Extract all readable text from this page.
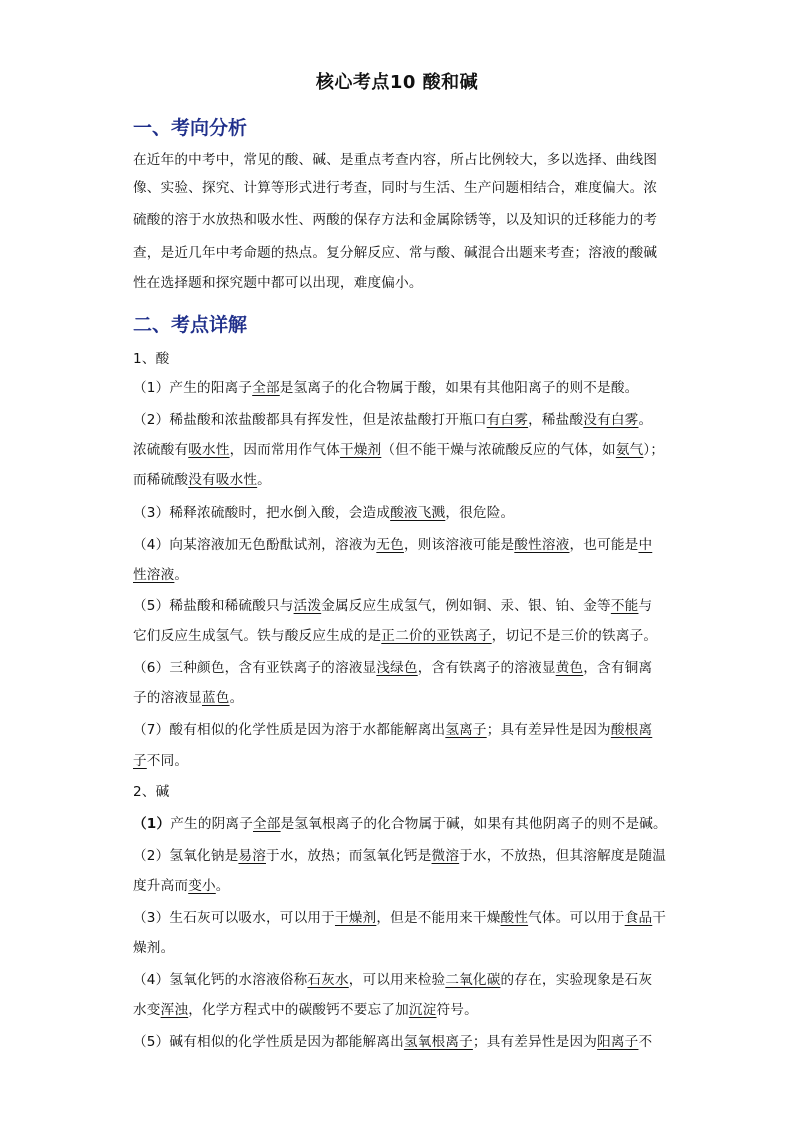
核心考点10 酸和碱
一、考向分析
二、考点详解
在近年的中考中，常见的酸、碱、是重点考查内容，所占比例较大，多以选择、曲线图
像、实验、探究、计算等形式进行考查，同时与生活、生产问题相结合，难度偏大。浓
硫酸的溶于水放热和吸水性、两酸的保存方法和金属除锈等，以及知识的迁移能力的考
查，是近几年中考命题的热点。复分解反应、常与酸、碱混合出题来考查；溶液的酸碱
性在选择题和探究题中都可以出现，难度偏小。
1、酸
（1）产生的阳离子全部是氢离子的化合物属于酸，如果有其他阳离子的则不是酸。
（2）稀盐酸和浓盐酸都具有挥发性，但是浓盐酸打开瓶口有白雾，稀盐酸没有白雾。
浓硫酸有吸水性，因而常用作气体干燥剂（但不能干燥与浓硫酸反应的气体，如氨气）；
而稀硫酸没有吸水性。
（3）稀释浓硫酸时，把水倒入酸，会造成酸液飞溅，很危险。
（4）向某溶液加无色酚酞试剂，溶液为无色，则该溶液可能是酸性溶液，也可能是中
性溶液。
（5）稀盐酸和稀硫酸只与活泼金属反应生成氢气，例如铜、汞、银、铂、金等不能与
它们反应生成氢气。铁与酸反应生成的是正二价的亚铁离子，切记不是三价的铁离子。
（6）三种颜色，含有亚铁离子的溶液显浅绿色，含有铁离子的溶液显黄色，含有铜离
子的溶液显蓝色。
（7）酸有相似的化学性质是因为溶于水都能解离出氢离子；具有差异性是因为酸根离
子不同。
2、碱
（1）产生的阴离子全部是氢氧根离子的化合物属于碱，如果有其他阴离子的则不是碱。
（2）氢氧化钠是易溶于水，放热；而氢氧化钙是微溶于水，不放热，但其溶解度是随温
度升高而变小。
（3）生石灰可以吸水，可以用于干燥剂，但是不能用来干燥酸性气体。可以用于食品干
燥剂。
（4）氢氧化钙的水溶液俗称石灰水，可以用来检验二氧化碳的存在，实验现象是石灰
水变浑浊，化学方程式中的碳酸钙不要忘了加沉淀符号。
（5）碱有相似的化学性质是因为都能解离出氢氧根离子；具有差异性是因为阳离子不
